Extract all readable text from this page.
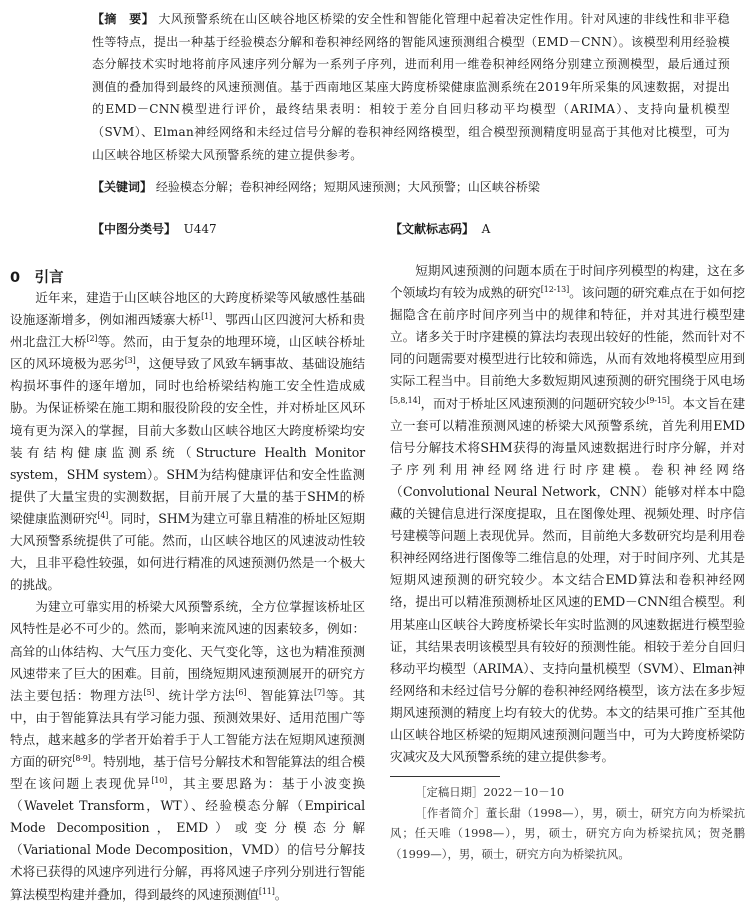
【摘　要】 大风预警系统在山区峡谷地区桥梁的安全性和智能化管理中起着决定性作用。针对风速的非线性和非平稳性等特点，提出一种基于经验模态分解和卷积神经网络的智能风速预测组合模型（EMD－CNN）。该模型利用经验模态分解技术实时地将前序风速序列分解为一系列子序列，进而利用一维卷积神经网络分别建立预测模型，最后通过预测值的叠加得到最终的风速预测值。基于西南地区某座大跨度桥梁健康监测系统在2019年所采集的风速数据，对提出的EMD－CNN模型进行评价，最终结果表明：相较于差分自回归移动平均模型（ARIMA）、支持向量机模型（SVM）、Elman神经网络和未经过信号分解的卷积神经网络模型，组合模型预测精度明显高于其他对比模型，可为山区峡谷地区桥梁大风预警系统的建立提供参考。
【关键词】 经验模态分解；卷积神经网络；短期风速预测；大风预警；山区峡谷桥梁
【中图分类号】 U447	【文献标志码】 A
0　引言

近年来，建造于山区峡谷地区的大跨度桥梁等风敏感性基础设施逐渐增多，例如湘西矮寨大桥[1]、鄂西山区四渡河大桥和贵州北盘江大桥[2]等。然而，由于复杂的地理环境，山区峡谷桥址区的风环境极为恶劣[3]，这便导致了风致车辆事故、基础设施结构损坏事件的逐年增加，同时也给桥梁结构施工安全性造成威胁。为保证桥梁在施工期和服役阶段的安全性，并对桥址区风环境有更为深入的掌握，目前大多数山区峡谷地区大跨度桥梁均安装有结构健康监测系统（Structure Health Monitor system，SHM system）。SHM为结构健康评估和安全性监测提供了大量宝贵的实测数据，目前开展了大量的基于SHM的桥梁健康监测研究[4]。同时，SHM为建立可靠且精准的桥址区短期大风预警系统提供了可能。然而，山区峡谷地区的风速波动性较大，且非平稳性较强，如何进行精准的风速预测仍然是一个极大的挑战。

为建立可靠实用的桥梁大风预警系统，全方位掌握该桥址区风特性是必不可少的。然而，影响来流风速的因素较多，例如：高耸的山体结构、大气压力变化、天气变化等，这也为精准预测风速带来了巨大的困难。目前，围绕短期风速预测展开的研究方法主要包括：物理方法[5]、统计学方法[6]、智能算法[7]等。其中，由于智能算法具有学习能力强、预测效果好、适用范围广等特点，越来越多的学者开始着手于人工智能方法在短期风速预测方面的研究[8-9]。特别地，基于信号分解技术和智能算法的组合模型在该问题上表现优异[10]，其主要思路为：基于小波变换（Wavelet Transform，WT）、经验模态分解（Empirical Mode Decomposition，EMD）或变分模态分解（Variational Mode Decomposition，VMD）的信号分解技术将已获得的风速序列进行分解，再将风速子序列分别进行智能算法模型构建并叠加，得到最终的风速预测值[11]。

短期风速预测的问题本质在于时间序列模型的构建，这在多个领域均有较为成熟的研究[12-13]。该问题的研究难点在于如何挖掘隐含在前序时间序列当中的规律和特征，并对其进行模型建立。诸多关于时序建模的算法均表现出较好的性能，然而针对不同的问题需要对模型进行比较和筛选，从而有效地将模型应用到实际工程当中。目前绝大多数短期风速预测的研究围绕于风电场[5,8,14]，而对于桥址区风速预测的问题研究较少[9-15]。本文旨在建立一套可以精准预测风速的桥梁大风预警系统，首先利用EMD信号分解技术将SHM获得的海量风速数据进行时序分解，并对子序列利用神经网络进行时序建模。卷积神经网络（Convolutional Neural Network，CNN）能够对样本中隐藏的关键信息进行深度提取，且在图像处理、视频处理、时序信号建模等问题上表现优异。然而，目前绝大多数研究均是利用卷积神经网络进行图像等二维信息的处理，对于时间序列、尤其是短期风速预测的研究较少。本文结合EMD算法和卷积神经网络，提出可以精准预测桥址区风速的EMD－CNN组合模型。利用某座山区峡谷大跨度桥梁长年实时监测的风速数据进行模型验证，其结果表明该模型具有较好的预测性能。相较于差分自回归移动平均模型（ARIMA）、支持向量机模型（SVM）、Elman神经网络和未经过信号分解的卷积神经网络模型，该方法在多步短期风速预测的精度上均有较大的优势。本文的结果可推广至其他山区峡谷地区桥梁的短期风速预测问题当中，可为大跨度桥梁防灾减灾及大风预警系统的建立提供参考。

［定稿日期］2022－10－10

［作者简介］董长甜（1998—），男，硕士，研究方向为桥梁抗风；任天唯（1998—），男，硕士，研究方向为桥梁抗风；贺尧鹏（1999—），男，硕士，研究方向为桥梁抗风。
